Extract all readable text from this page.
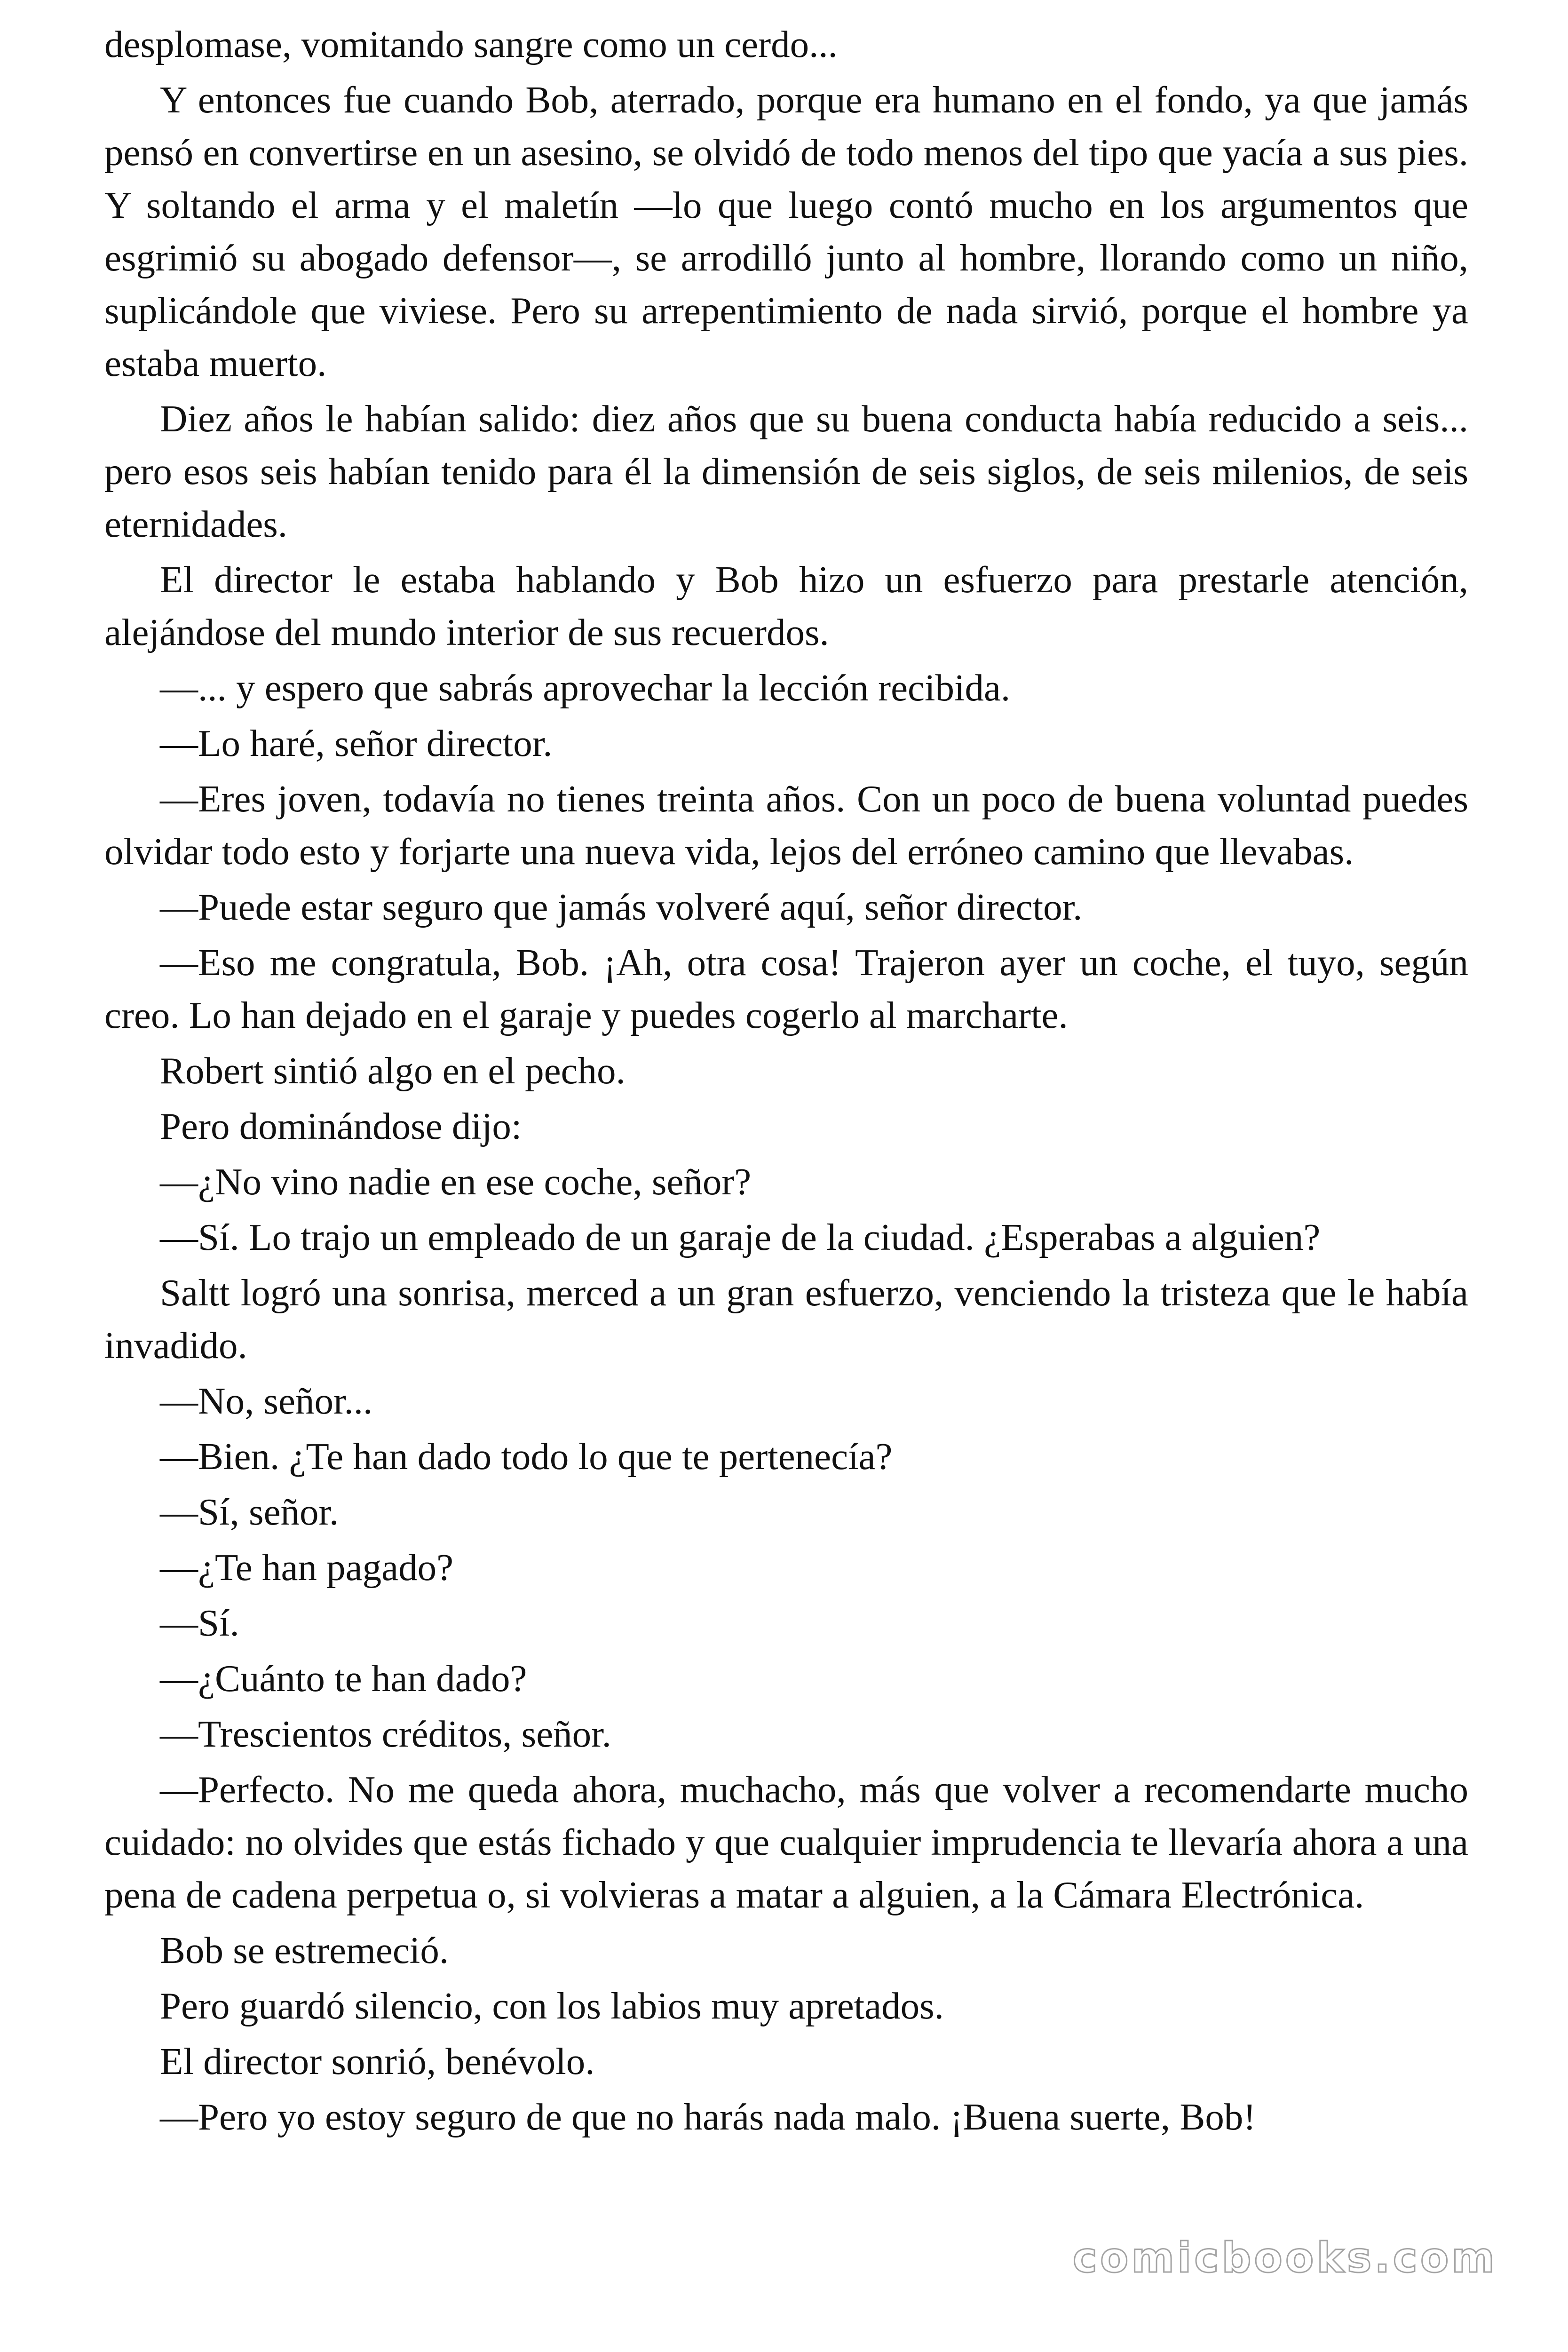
desplomase, vomitando sangre como un cerdo...

Y entonces fue cuando Bob, aterrado, porque era humano en el fondo, ya que jamás pensó en convertirse en un asesino, se olvidó de todo menos del tipo que yacía a sus pies. Y soltando el arma y el maletín —lo que luego contó mucho en los argumentos que esgrimió su abogado defensor—, se arrodilló junto al hombre, llorando como un niño, suplicándole que viviese. Pero su arrepentimiento de nada sirvió, porque el hombre ya estaba muerto.

Diez años le habían salido: diez años que su buena conducta había reducido a seis... pero esos seis habían tenido para él la dimensión de seis siglos, de seis milenios, de seis eternidades.

El director le estaba hablando y Bob hizo un esfuerzo para prestarle atención, alejándose del mundo interior de sus recuerdos.

—... y espero que sabrás aprovechar la lección recibida.

—Lo haré, señor director.

—Eres joven, todavía no tienes treinta años. Con un poco de buena voluntad puedes olvidar todo esto y forjarte una nueva vida, lejos del erróneo camino que llevabas.

—Puede estar seguro que jamás volveré aquí, señor director.

—Eso me congratula, Bob. ¡Ah, otra cosa! Trajeron ayer un coche, el tuyo, según creo. Lo han dejado en el garaje y puedes cogerlo al marcharte.

Robert sintió algo en el pecho.

Pero dominándose dijo:

—¿No vino nadie en ese coche, señor?

—Sí. Lo trajo un empleado de un garaje de la ciudad. ¿Esperabas a alguien?

Saltt logró una sonrisa, merced a un gran esfuerzo, venciendo la tristeza que le había invadido.

—No, señor...

—Bien. ¿Te han dado todo lo que te pertenecía?

—Sí, señor.

—¿Te han pagado?

—Sí.

—¿Cuánto te han dado?

—Trescientos créditos, señor.

—Perfecto. No me queda ahora, muchacho, más que volver a recomendarte mucho cuidado: no olvides que estás fichado y que cualquier imprudencia te llevaría ahora a una pena de cadena perpetua o, si volvieras a matar a alguien, a la Cámara Electrónica.

Bob se estremeció.

Pero guardó silencio, con los labios muy apretados.

El director sonrió, benévolo.

—Pero yo estoy seguro de que no harás nada malo. ¡Buena suerte, Bob!

comicbooks.com
